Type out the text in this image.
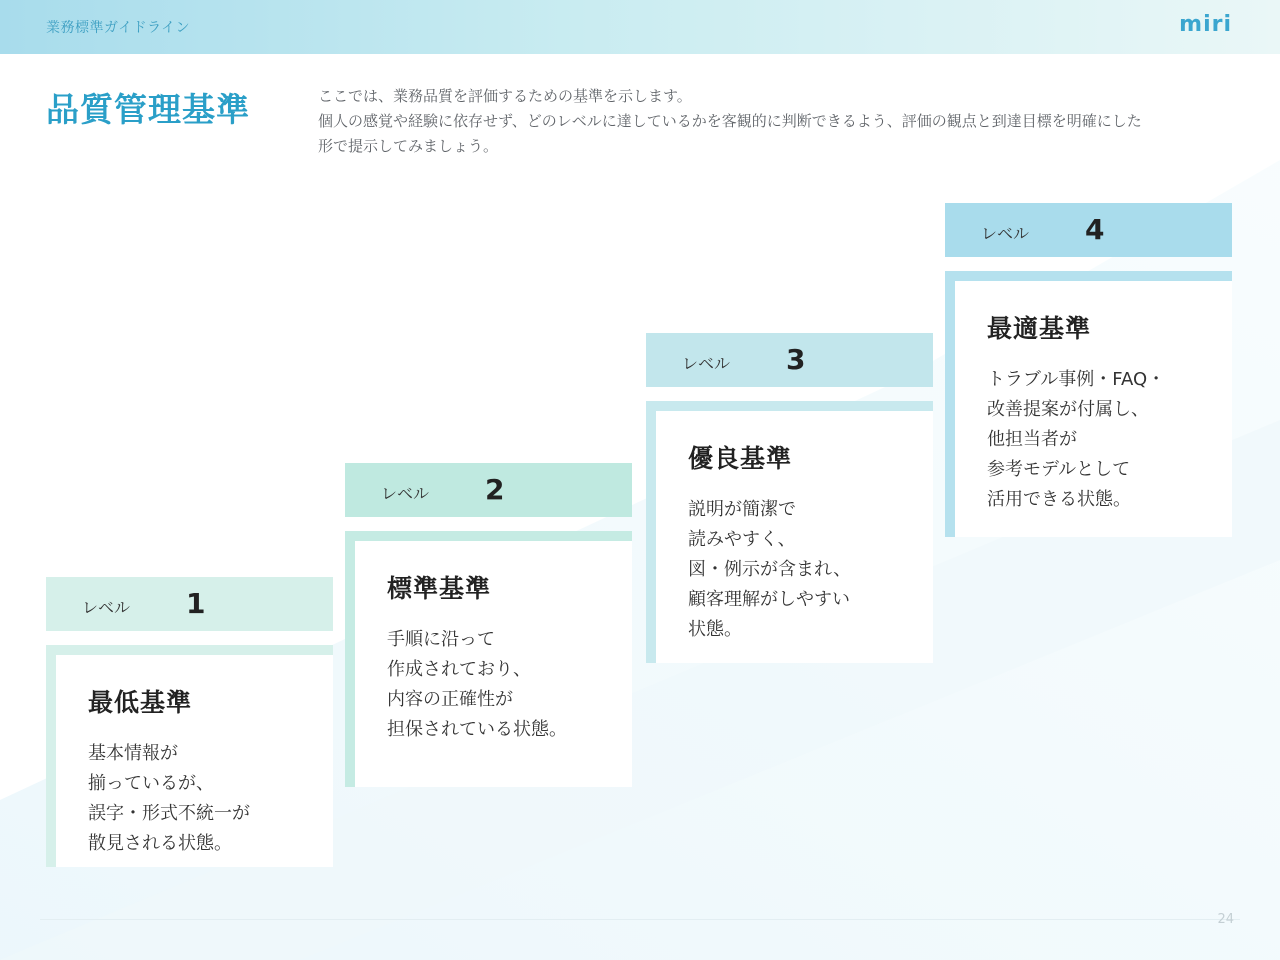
業務標準ガイドライン	miri
品質管理基準	ここでは、業務品質を評価するための基準を示します。

個人の感覚や経験に依存せず、どのレベルに達しているかを客観的に判断できるよう、評価の観点と到達目標を明確にした

形で提示してみましょう。

レベル 1
最低基準
基本情報が
揃っているが、
誤字・形式不統一が
散見される状態。
レベル 2
標準基準
手順に沿って
作成されており、
内容の正確性が
担保されている状態。
レベル 3
優良基準
説明が簡潔で
読みやすく、
図・例示が含まれ、
顧客理解がしやすい
状態。
レベル 4
最適基準
トラブル事例・FAQ・
改善提案が付属し、
他担当者が
参考モデルとして
活用できる状態。
24
